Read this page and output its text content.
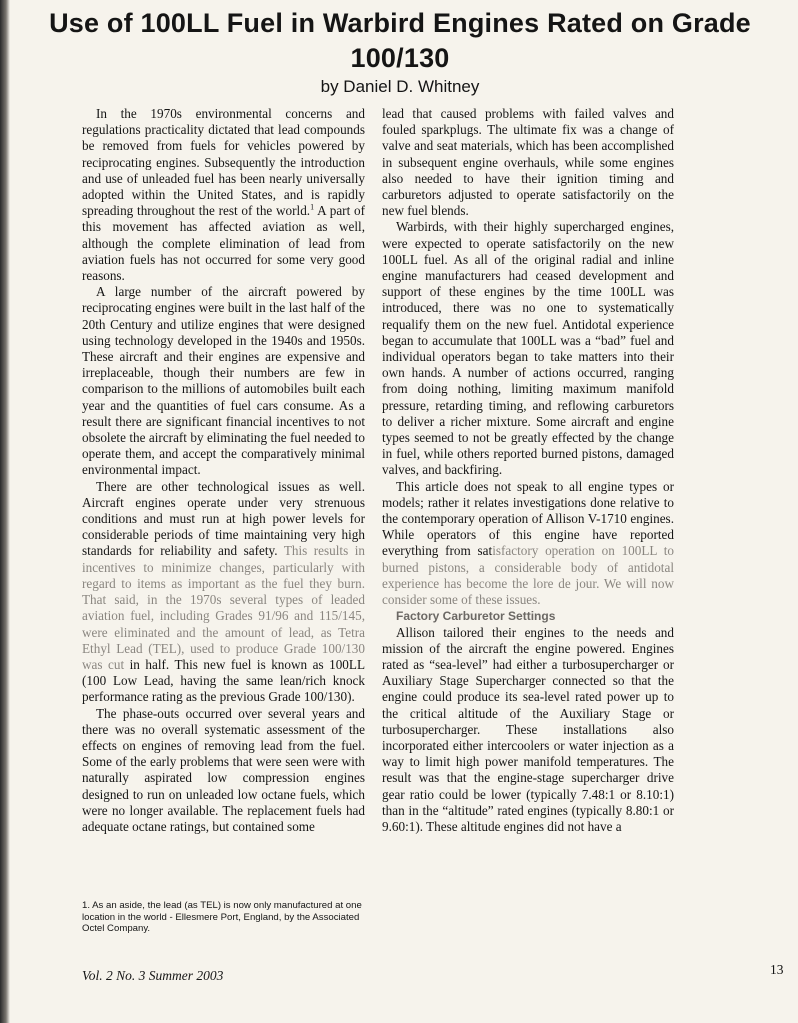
Use of 100LL Fuel in Warbird Engines Rated on Grade 100/130

by Daniel D. Whitney

In the 1970s environmental concerns and regulations practicality dictated that lead compounds be removed from fuels for vehicles powered by reciprocating engines. Subsequently the introduction and use of unleaded fuel has been nearly universally adopted within the United States, and is rapidly spreading throughout the rest of the world.$^1$ A part of this movement has affected aviation as well, although the complete elimination of lead from aviation fuels has not occurred for some very good reasons.

A large number of the aircraft powered by reciprocating engines were built in the last half of the 20th Century and utilize engines that were designed using technology developed in the 1940s and 1950s. These aircraft and their engines are expensive and irreplaceable, though their numbers are few in comparison to the millions of automobiles built each year and the quantities of fuel cars consume. As a result there are significant financial incentives to not obsolete the aircraft by eliminating the fuel needed to operate them, and accept the comparatively minimal environmental impact.

There are other technological issues as well. Aircraft engines operate under very strenuous conditions and must run at high power levels for considerable periods of time maintaining very high standards for reliability and safety. This results in incentives to minimize changes, particularly with regard to items as important as the fuel they burn. That said, in the 1970s several types of leaded aviation fuel, including Grades 91/96 and 115/145, were eliminated and the amount of lead, as Tetra Ethyl Lead (TEL), used to produce Grade 100/130 was cut in half. This new fuel is known as 100LL (100 Low Lead, having the same lean/rich knock performance rating as the previous Grade 100/130).

The phase-outs occurred over several years and there was no overall systematic assessment of the effects on engines of removing lead from the fuel. Some of the early problems that were seen were with naturally aspirated low compression engines designed to run on unleaded low octane fuels, which were no longer available. The replacement fuels had adequate octane ratings, but contained some

1. As an aside, the lead (as TEL) is now only manufactured at one location in the world - Ellesmere Port, England, by the Associated Octel Company.

lead that caused problems with failed valves and fouled sparkplugs. The ultimate fix was a change of valve and seat materials, which has been accomplished in subsequent engine overhauls, while some engines also needed to have their ignition timing and carburetors adjusted to operate satisfactorily on the new fuel blends.

Warbirds, with their highly supercharged engines, were expected to operate satisfactorily on the new 100LL fuel. As all of the original radial and inline engine manufacturers had ceased development and support of these engines by the time 100LL was introduced, there was no one to systematically requalify them on the new fuel. Antidotal experience began to accumulate that 100LL was a “bad” fuel and individual operators began to take matters into their own hands. A number of actions occurred, ranging from doing nothing, limiting maximum manifold pressure, retarding timing, and reflowing carburetors to deliver a richer mixture. Some aircraft and engine types seemed to not be greatly effected by the change in fuel, while others reported burned pistons, damaged valves, and backfiring.

This article does not speak to all engine types or models; rather it relates investigations done relative to the contemporary operation of Allison V-1710 engines. While operators of this engine have reported everything from satisfactory operation on 100LL to burned pistons, a considerable body of antidotal experience has become the lore de jour. We will now consider some of these issues.

Factory Carburetor Settings

Allison tailored their engines to the needs and mission of the aircraft the engine powered. Engines rated as “sea-level” had either a turbosupercharger or Auxiliary Stage Supercharger connected so that the engine could produce its sea-level rated power up to the critical altitude of the Auxiliary Stage or turbosupercharger. These installations also incorporated either intercoolers or water injection as a way to limit high power manifold temperatures. The result was that the engine-stage supercharger drive gear ratio could be lower (typically 7.48:1 or 8.10:1) than in the “altitude” rated engines (typically 8.80:1 or 9.60:1). These altitude engines did not have a

Vol. 2 No. 3 Summer 2003	13
